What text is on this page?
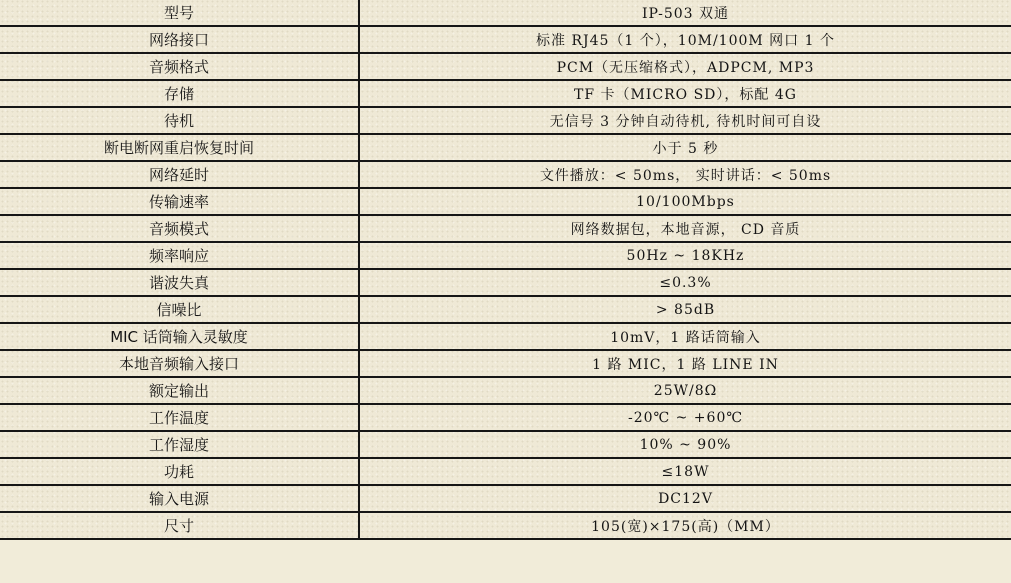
型号	IP-503 双通
网络接口	标准 RJ45（1 个），10M/100M 网口 1 个
音频格式	PCM（无压缩格式），ADPCM, MP3
存储	TF 卡（MICRO SD），标配 4G
待机	无信号 3 分钟自动待机, 待机时间可自设
断电断网重启恢复时间	小于 5 秒
网络延时	文件播放：< 50ms， 实时讲话：< 50ms
传输速率	10/100Mbps
音频模式	网络数据包，本地音源， CD 音质
频率响应	50Hz ~ 18KHz
谐波失真	≤0.3%
信噪比	> 85dB
MIC 话筒输入灵敏度	10mV，1 路话筒输入
本地音频输入接口	1 路 MIC，1 路 LINE IN
额定输出	25W/8Ω
工作温度	-20℃ ~ +60℃
工作湿度	10% ~ 90%
功耗	≤18W
输入电源	DC12V
尺寸	105(宽)×175(高)（MM）
